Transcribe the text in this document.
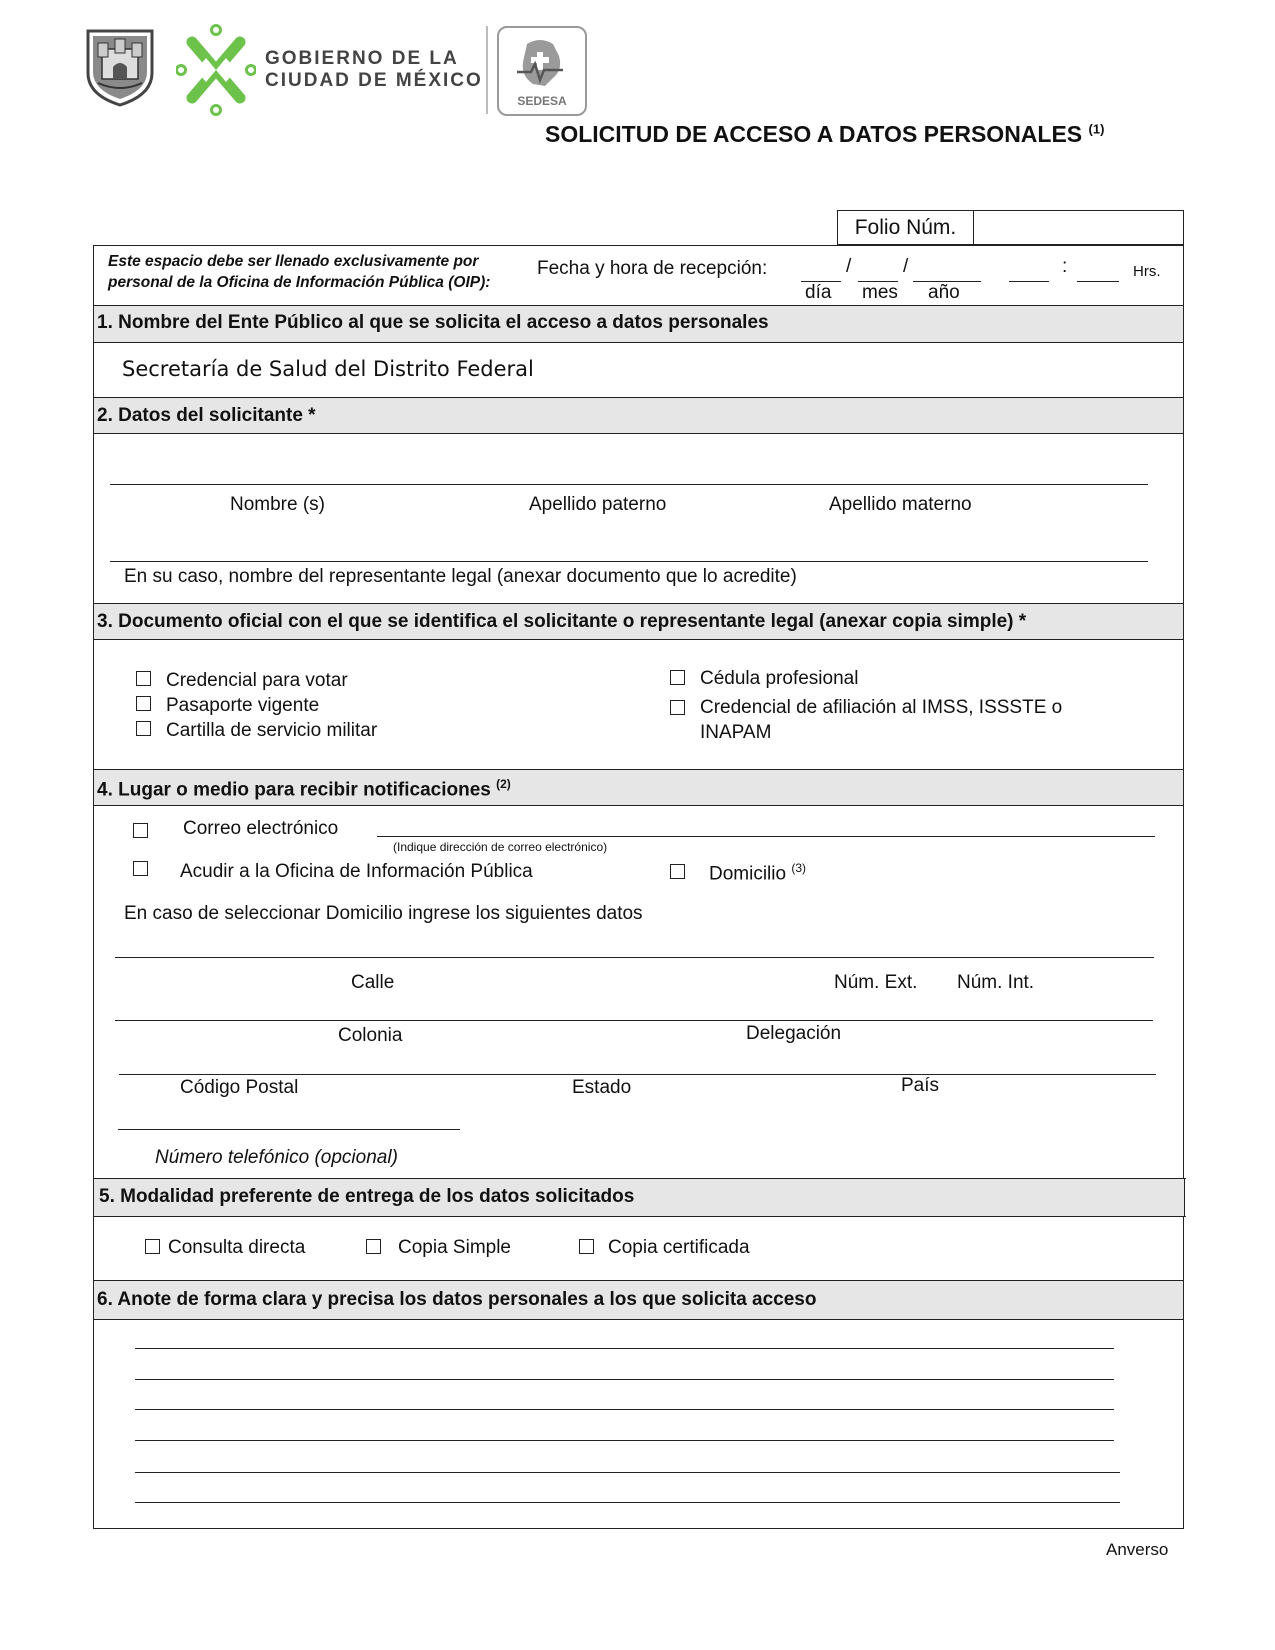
GOBIERNO DE LA
CIUDAD DE MÉXICO
SEDESA
SOLICITUD DE ACCESO A DATOS PERSONALES $^{(1)}$
Folio Núm.
Este espacio debe ser llenado exclusivamente por
personal de la Oficina de Información Pública (OIP):
Fecha y hora de recepción:	/	/	:	Hrs.
día mes año
1. Nombre del Ente Público al que se solicita el acceso a datos personales
Secretaría de Salud del Distrito Federal
2. Datos del solicitante *
Nombre (s)	Apellido paterno	Apellido materno
En su caso, nombre del representante legal (anexar documento que lo acredite)
3. Documento oficial con el que se identifica el solicitante o representante legal (anexar copia simple) *
Credencial para votar
Pasaporte vigente
Cartilla de servicio militar
Cédula profesional
Credencial de afiliación al IMSS, ISSSTE o
INAPAM
4. Lugar o medio para recibir notificaciones $^{(2)}$
Correo electrónico
(Indique dirección de correo electrónico)
Acudir a la Oficina de Información Pública	Domicilio $^{(3)}$
En caso de seleccionar Domicilio ingrese los siguientes datos
Calle	Núm. Ext. Núm. Int.
Colonia	Delegación
Código Postal	Estado	País
Número telefónico (opcional)
5. Modalidad preferente de entrega de los datos solicitados
Consulta directa	Copia Simple	Copia certificada
6. Anote de forma clara y precisa los datos personales a los que solicita acceso
Anverso
